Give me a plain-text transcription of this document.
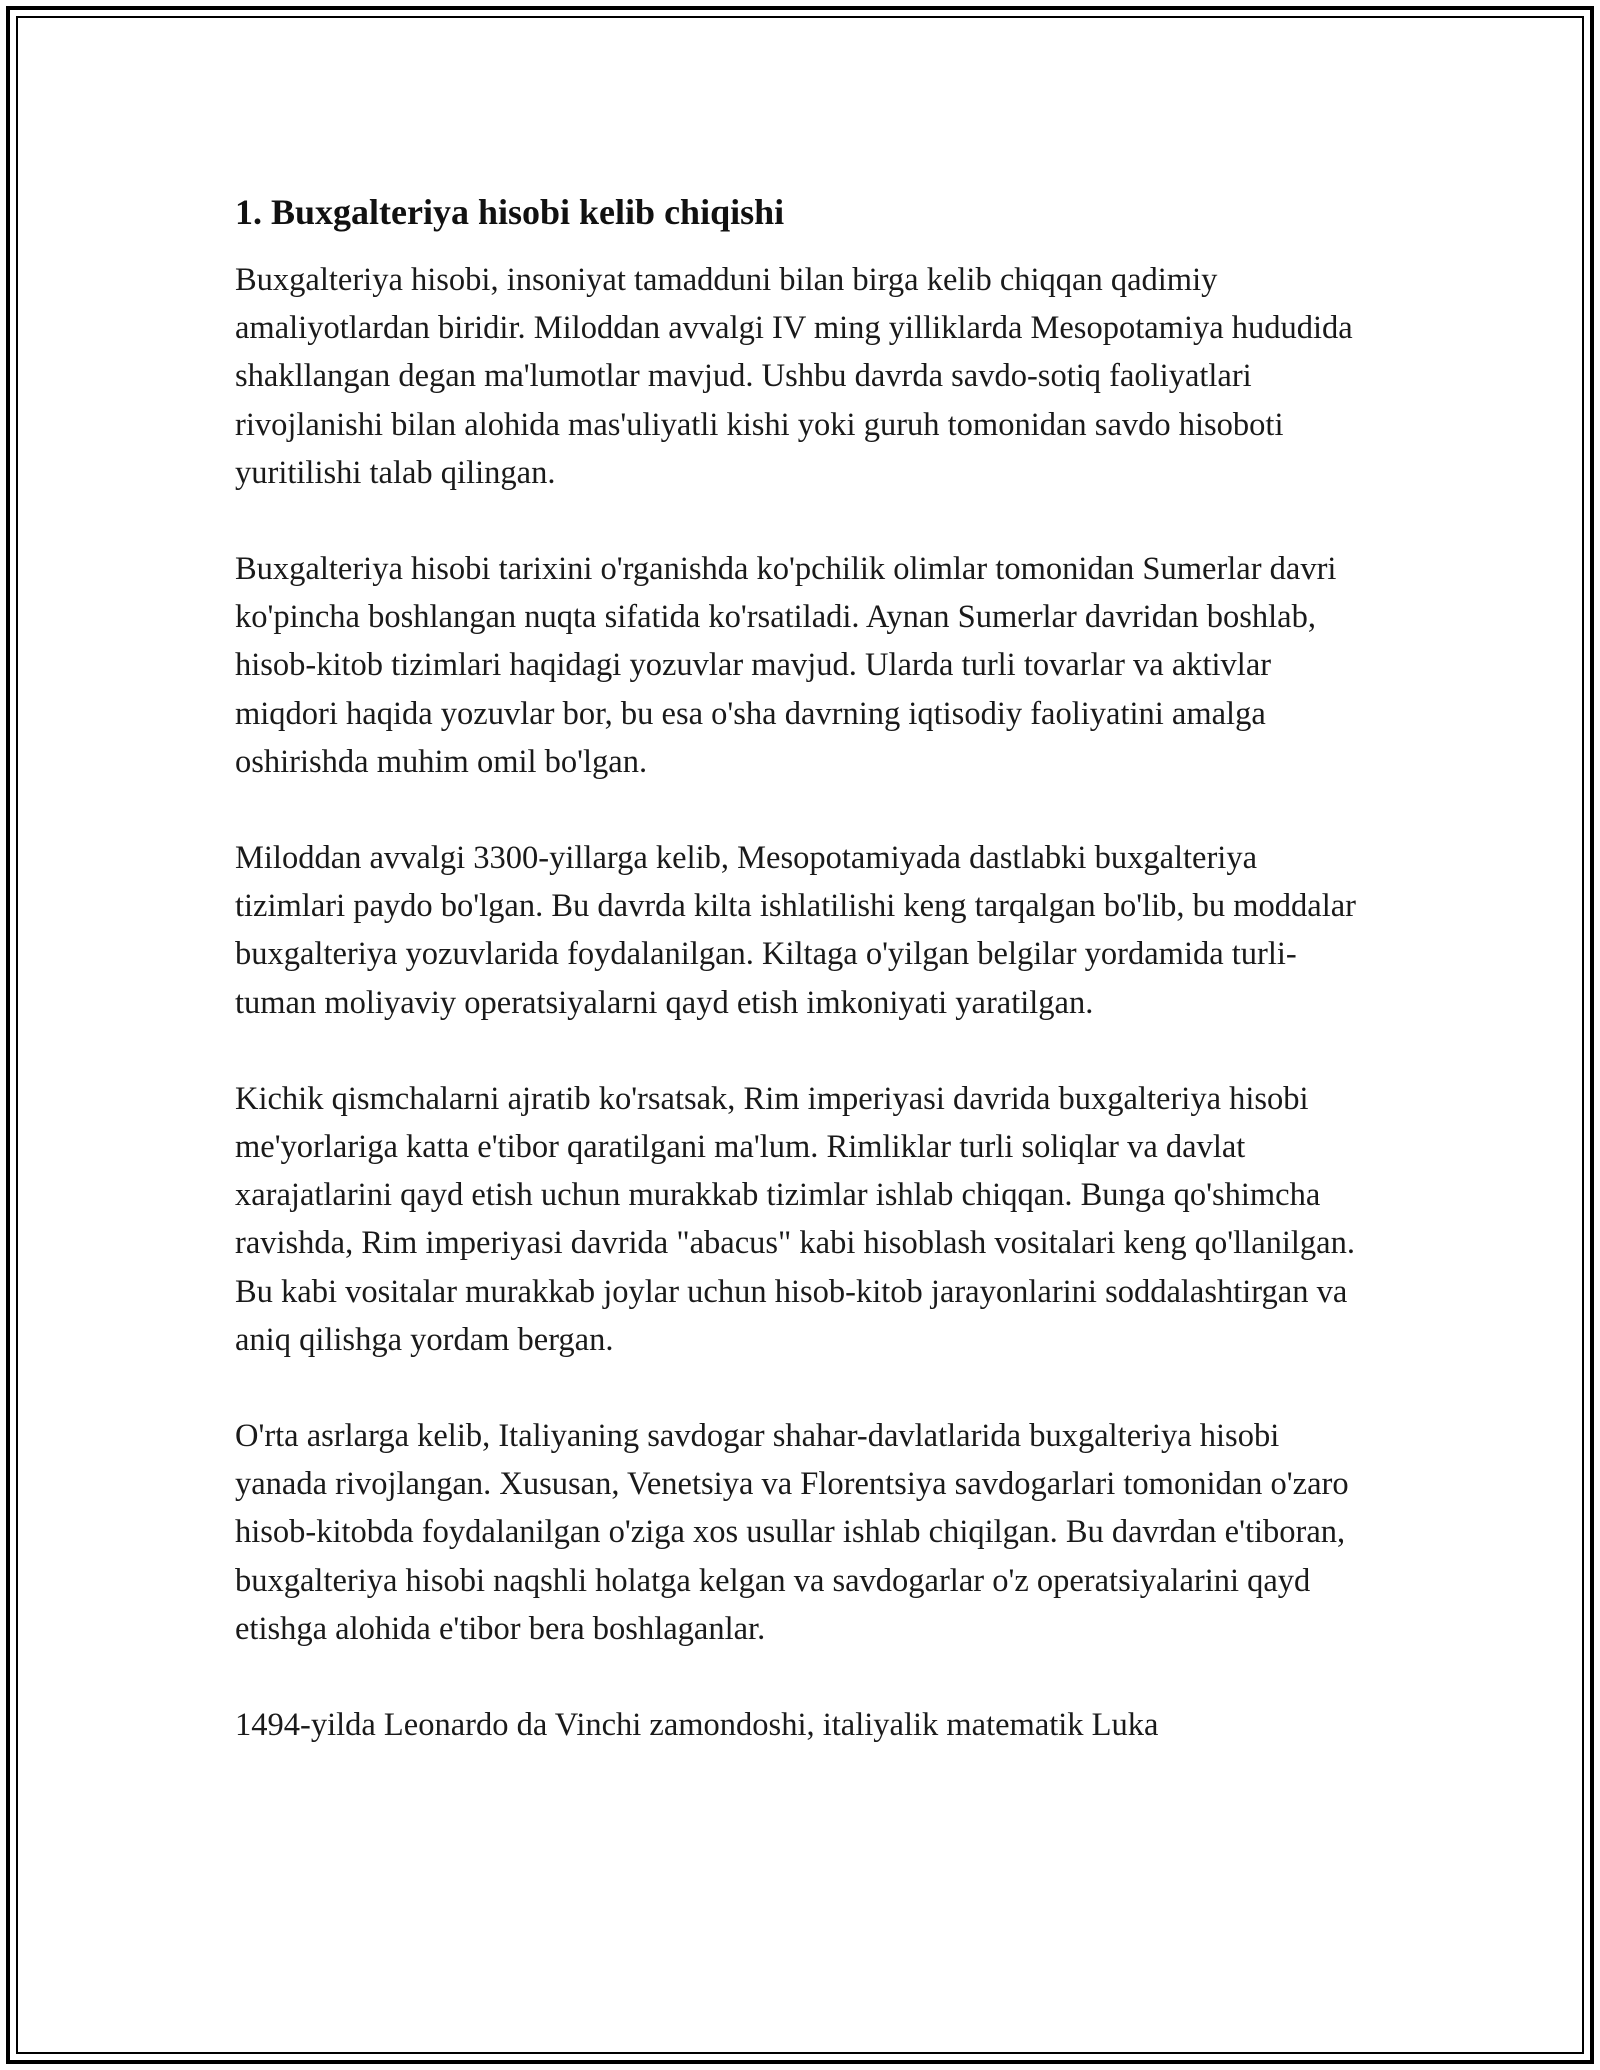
1. Buxgalteriya hisobi kelib chiqishi

Buxgalteriya hisobi, insoniyat tamadduni bilan birga kelib chiqqan qadimiy amaliyotlardan biridir. Miloddan avvalgi IV ming yilliklarda Mesopotamiya hududida shakllangan degan ma'lumotlar mavjud. Ushbu davrda savdo-sotiq faoliyatlari rivojlanishi bilan alohida mas'uliyatli kishi yoki guruh tomonidan savdo hisoboti yuritilishi talab qilingan.

Buxgalteriya hisobi tarixini o'rganishda ko'pchilik olimlar tomonidan Sumerlar davri ko'pincha boshlangan nuqta sifatida ko'rsatiladi. Aynan Sumerlar davridan boshlab, hisob-kitob tizimlari haqidagi yozuvlar mavjud. Ularda turli tovarlar va aktivlar miqdori haqida yozuvlar bor, bu esa o'sha davrning iqtisodiy faoliyatini amalga oshirishda muhim omil bo'lgan.

Miloddan avvalgi 3300-yillarga kelib, Mesopotamiyada dastlabki buxgalteriya tizimlari paydo bo'lgan. Bu davrda kilta ishlatilishi keng tarqalgan bo'lib, bu moddalar buxgalteriya yozuvlarida foydalanilgan. Kiltaga o'yilgan belgilar yordamida turli-tuman moliyaviy operatsiyalarni qayd etish imkoniyati yaratilgan.

Kichik qismchalarni ajratib ko'rsatsak, Rim imperiyasi davrida buxgalteriya hisobi me'yorlariga katta e'tibor qaratilgani ma'lum. Rimliklar turli soliqlar va davlat xarajatlarini qayd etish uchun murakkab tizimlar ishlab chiqqan. Bunga qo'shimcha ravishda, Rim imperiyasi davrida "abacus" kabi hisoblash vositalari keng qo'llanilgan. Bu kabi vositalar murakkab joylar uchun hisob-kitob jarayonlarini soddalashtirgan va aniq qilishga yordam bergan.

O'rta asrlarga kelib, Italiyaning savdogar shahar-davlatlarida buxgalteriya hisobi yanada rivojlangan. Xususan, Venetsiya va Florentsiya savdogarlari tomonidan o'zaro hisob-kitobda foydalanilgan o'ziga xos usullar ishlab chiqilgan. Bu davrdan e'tiboran, buxgalteriya hisobi naqshli holatga kelgan va savdogarlar o'z operatsiyalarini qayd etishga alohida e'tibor bera boshlaganlar.

1494-yilda Leonardo da Vinchi zamondoshi, italiyalik matematik Luka
